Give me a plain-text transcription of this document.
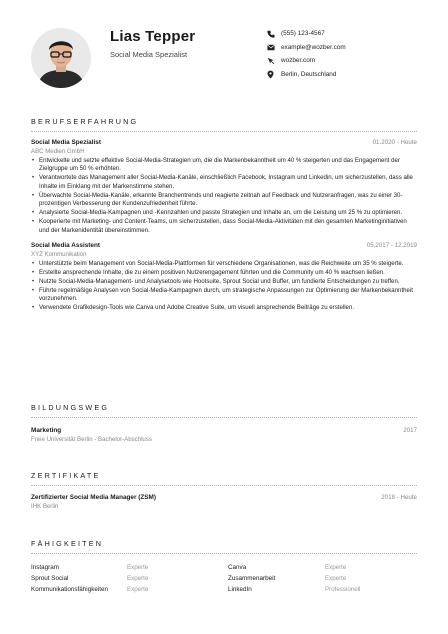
Lias Tepper
Social Media Spezialist
(555) 123-4567
example@wozber.com
wozber.com
Berlin, Deutschland
BERUFSERFAHRUNG
Social Media Spezialist	01.2020 - Heute
ABC Medien GmbH
• Entwickelte und setzte effektive Social-Media-Strategien um, die die Markenbekanntheit um 40 % steigerten und das Engagement der Zielgruppe um 50 % erhöhten.
• Verantwortete das Management aller Social-Media-Kanäle, einschließlich Facebook, Instagram und Linkedin, um sicherzustellen, dass alle Inhalte im Einklang mit der Markenstimme stehen.
• Überwachte Social-Media-Kanäle, erkannte Branchentrends und reagierte zeitnah auf Feedback und Nutzeranfragen, was zu einer 30-prozentigen Verbesserung der Kundenzufriedenheit führte.
• Analysierte Social-Media-Kampagnen und -Kennzahlen und passte Strategien und Inhalte an, um die Leistung um 25 % zu optimieren.
• Kooperierte mit Marketing- und Content-Teams, um sicherzustellen, dass Social-Media-Aktivitäten mit den gesamten Marketinginitiativen und der Markenidentität übereinstimmen.
Social Media Assistent	05.2017 - 12.2019
XYZ Kommunikation
• Unterstützte beim Management von Social-Media-Plattformen für verschiedene Organisationen, was die Reichweite um 35 % steigerte.
• Erstellte ansprechende Inhalte, die zu einem positiven Nutzerengagement führten und die Community um 40 % wachsen ließen.
• Nutzte Social-Media-Management- und Analysetools wie Hootsuite, Sprout Social und Buffer, um fundierte Entscheidungen zu treffen.
• Führte regelmäßige Analysen von Social-Media-Kampagnen durch, um strategische Anpassungen zur Optimierung der Markenbekanntheit vorzunehmen.
• Verwendete Grafikdesign-Tools wie Canva und Adobe Creative Suite, um visuell ansprechende Beiträge zu erstellen.
BILDUNGSWEG
Marketing	2017
Freie Universität Berlin - Bachelor-Abschluss
ZERTIFIKATE
Zertifizierter Social Media Manager (ZSM)	2018 - Heute
IHK Berlin
FÄHIGKEITEN
Instagram	Experte	Canva	Experte
Sprout Social	Experte	Zusammenarbeit	Experte
Kommunikationsfähigkeiten	Experte	LinkedIn	Professionell
